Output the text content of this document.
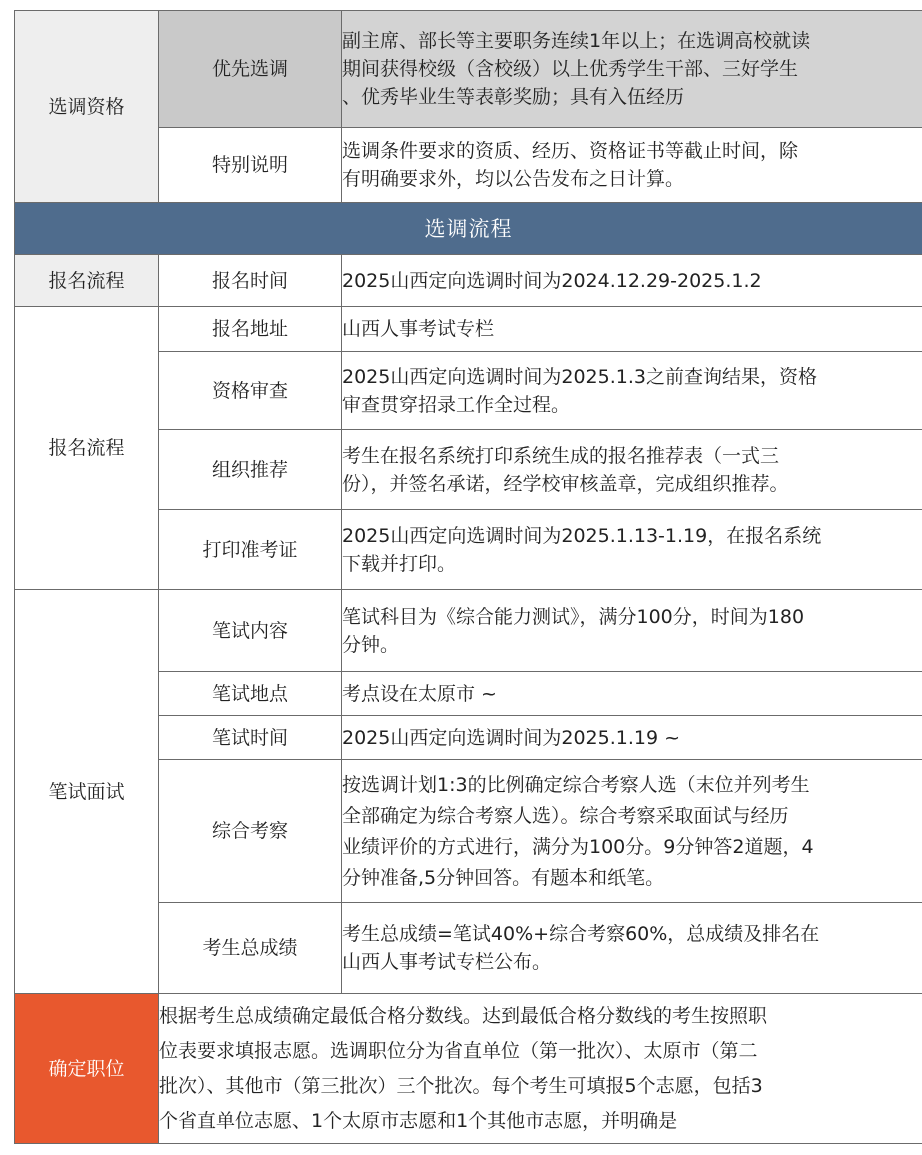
选调资格	优先选调	副主席、部长等主要职务连续1年以上；在选调高校就读
期间获得校级（含校级）以上优秀学生干部、三好学生
、优秀毕业生等表彰奖励；具有入伍经历

	特别说明	选调条件要求的资质、经历、资格证书等截止时间，除
有明确要求外，均以公告发布之日计算。

选调流程		
报名流程	报名时间	2025山西定向选调时间为2024.12.29-2025.1.2
报名流程	报名地址	山西人事考试专栏
	资格审查	2025山西定向选调时间为2025.1.3之前查询结果，资格
审查贯穿招录工作全过程。

	组织推荐	考生在报名系统打印系统生成的报名推荐表（一式三
份），并签名承诺，经学校审核盖章，完成组织推荐。

	打印准考证	2025山西定向选调时间为2025.1.13-1.19，在报名系统
下载并打印。

笔试面试	笔试内容	笔试科目为《综合能力测试》，满分100分，时间为180
分钟。

	笔试地点	考点设在太原市 ~
	笔试时间	2025山西定向选调时间为2025.1.19 ~
	综合考察	按选调计划1:3的比例确定综合考察人选（末位并列考生
全部确定为综合考察人选）。综合考察采取面试与经历
业绩评价的方式进行，满分为100分。9分钟答2道题，4
分钟准备,5分钟回答。有题本和纸笔。

	考生总成绩	考生总成绩=笔试40%+综合考察60%，总成绩及排名在
山西人事考试专栏公布。

确定职位	根据考生总成绩确定最低合格分数线。达到最低合格分数线的考生按照职
位表要求填报志愿。选调职位分为省直单位（第一批次）、太原市（第二
批次）、其他市（第三批次）三个批次。每个考生可填报5个志愿，包括3
个省直单位志愿、1个太原市志愿和1个其他市志愿，并明确是	
